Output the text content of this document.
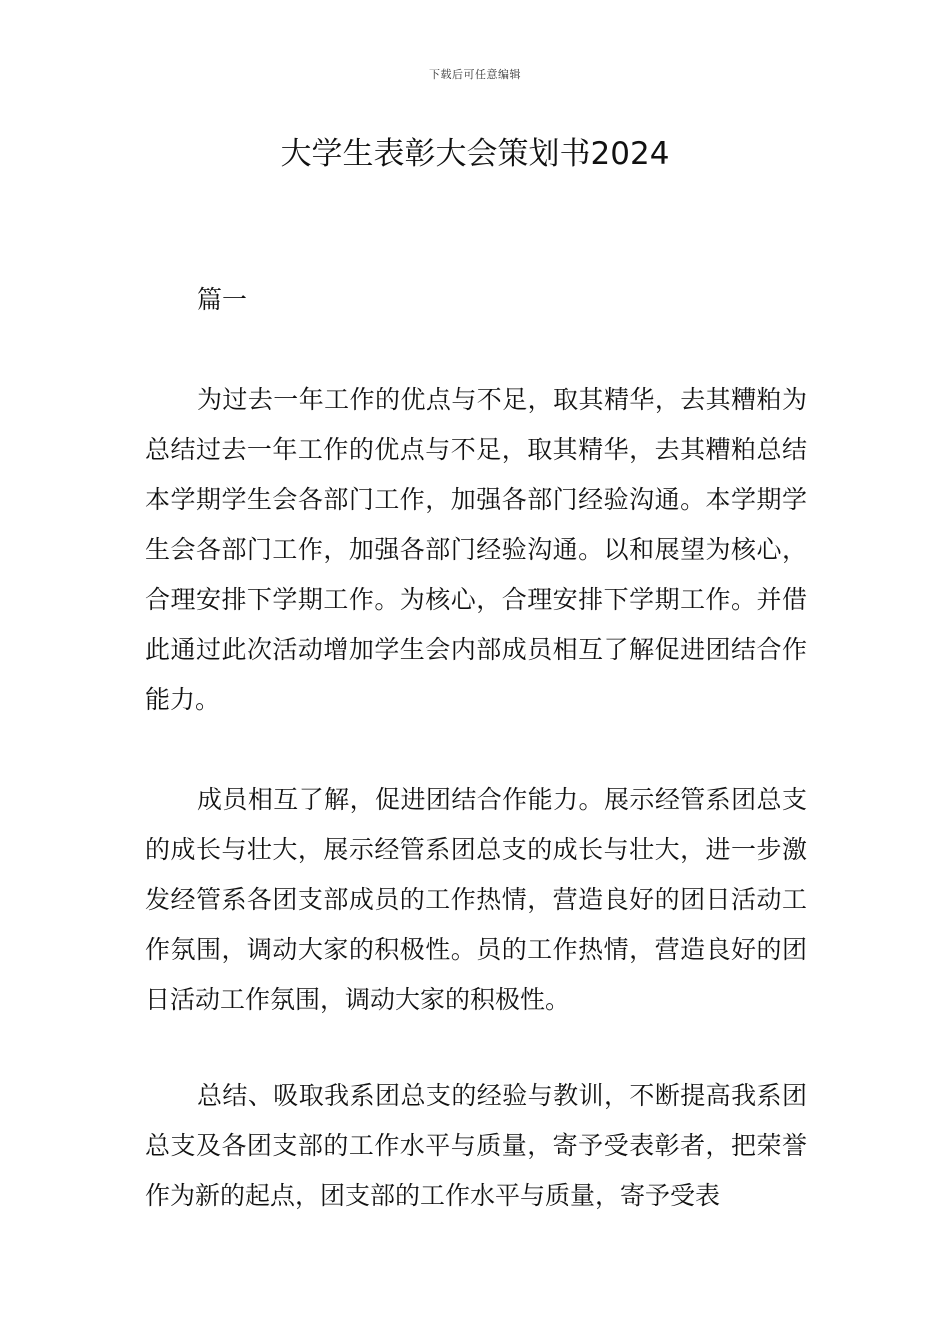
下载后可任意编辑
大学生表彰大会策划书2024
篇一

为过去一年工作的优点与不足，取其精华，去其糟粕为总结过去一年工作的优点与不足，取其精华，去其糟粕总结本学期学生会各部门工作，加强各部门经验沟通。本学期学生会各部门工作，加强各部门经验沟通。以和展望为核心，合理安排下学期工作。为核心，合理安排下学期工作。并借此通过此次活动增加学生会内部成员相互了解促进团结合作能力。

成员相互了解，促进团结合作能力。展示经管系团总支的成长与壮大，展示经管系团总支的成长与壮大，进一步激发经管系各团支部成员的工作热情，营造良好的团日活动工作氛围，调动大家的积极性。员的工作热情，营造良好的团日活动工作氛围，调动大家的积极性。

总结、吸取我系团总支的经验与教训，不断提高我系团总支及各团支部的工作水平与质量，寄予受表彰者，把荣誉作为新的起点，团支部的工作水平与质量，寄予受表
